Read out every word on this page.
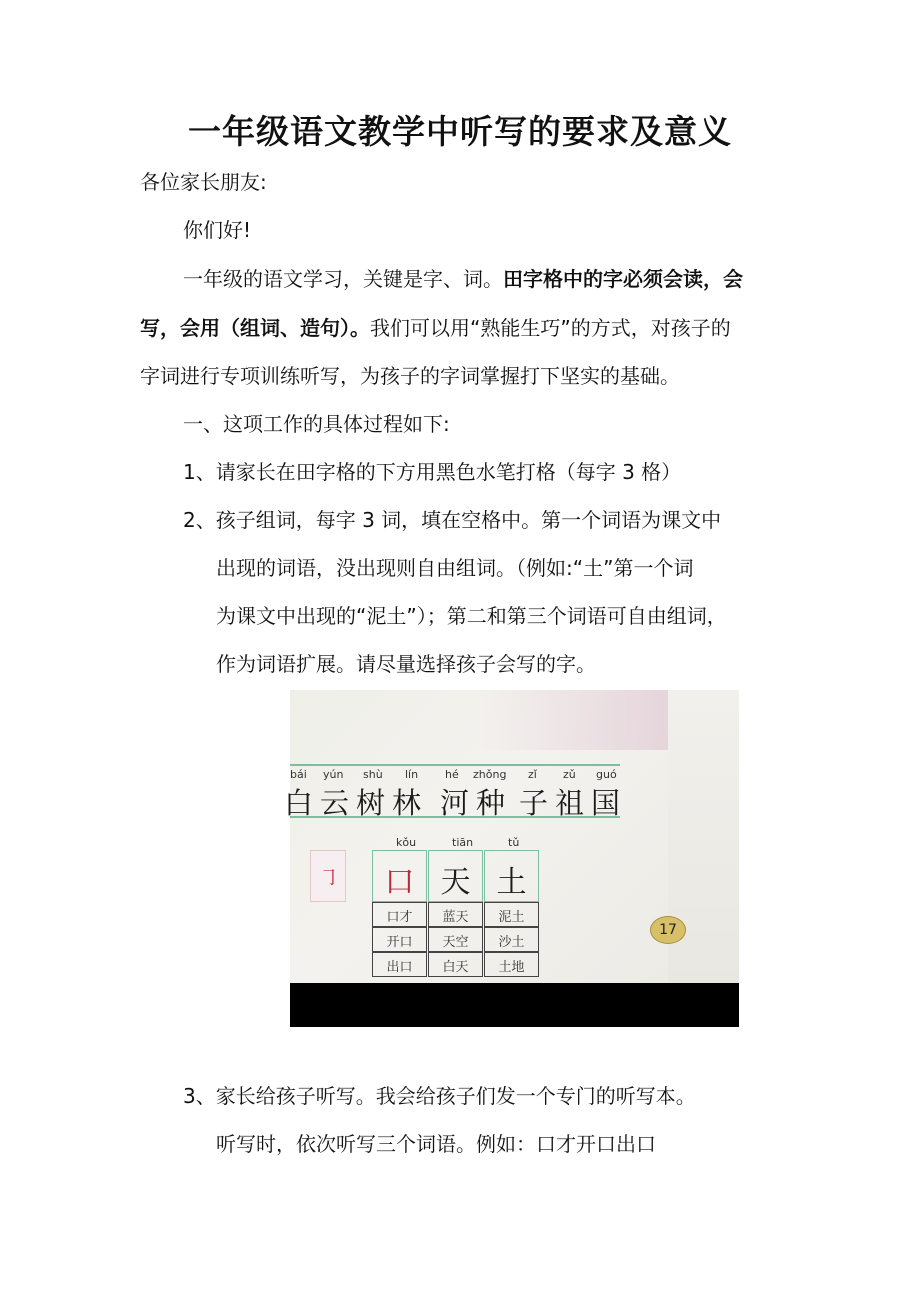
一年级语文教学中听写的要求及意义
各位家长朋友:
你们好!
一年级的语文学习，关键是字、词。田字格中的字必须会读，会
写，会用（组词、造句）。我们可以用“熟能生巧”的方式，对孩子的
字词进行专项训练听写，为孩子的字词掌握打下坚实的基础。
一、这项工作的具体过程如下:
1、请家长在田字格的下方用黑色水笔打格（每字 3 格）
2、孩子组词，每字 3 词，填在空格中。第一个词语为课文中
出现的词语，没出现则自由组词。（例如:“土”第一个词
为课文中出现的“泥土”）；第二和第三个词语可自由组词，
作为词语扩展。请尽量选择孩子会写的字。
bái yún shù lín hé zhǒng zǐ zǔ guó
白 云 树 林 河 种 子 祖 国
㇆
kǒu	tiān	tǔ
口 天 土
口才	蓝天	泥土
开口	天空	沙土
出口	白天	土地
17
3、家长给孩子听写。我会给孩子们发一个专门的听写本。
听写时，依次听写三个词语。例如：口才开口出口
